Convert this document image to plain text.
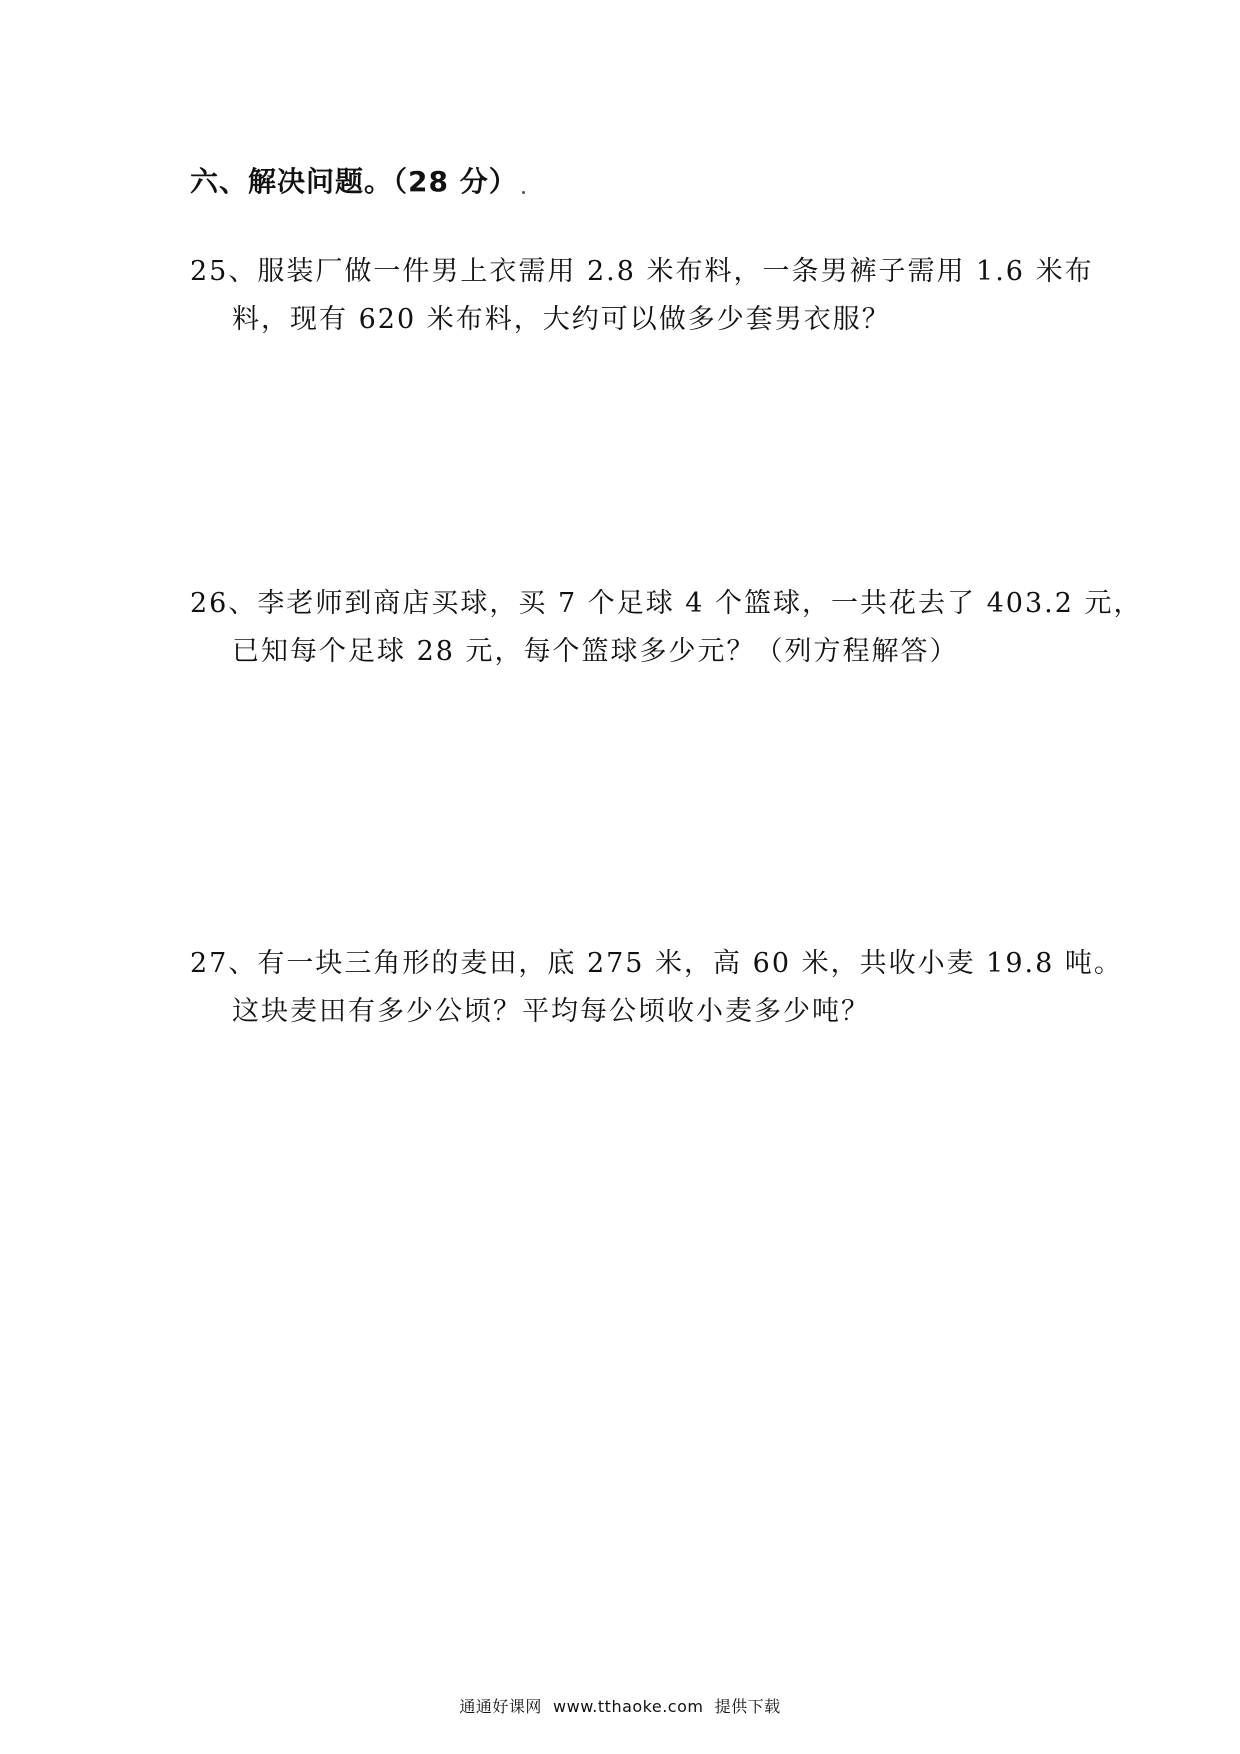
六、解决问题。（28 分）
25、服装厂做一件男上衣需用 2.8 米布料，一条男裤子需用 1.6 米布
料，现有 620 米布料，大约可以做多少套男衣服？
26、李老师到商店买球，买 7 个足球 4 个篮球，一共花去了 403.2 元，
已知每个足球 28 元，每个篮球多少元？（列方程解答）
27、有一块三角形的麦田，底 275 米，高 60 米，共收小麦 19.8 吨。
这块麦田有多少公顷？平均每公顷收小麦多少吨？
通通好课网  www.tthaoke.com  提供下载
